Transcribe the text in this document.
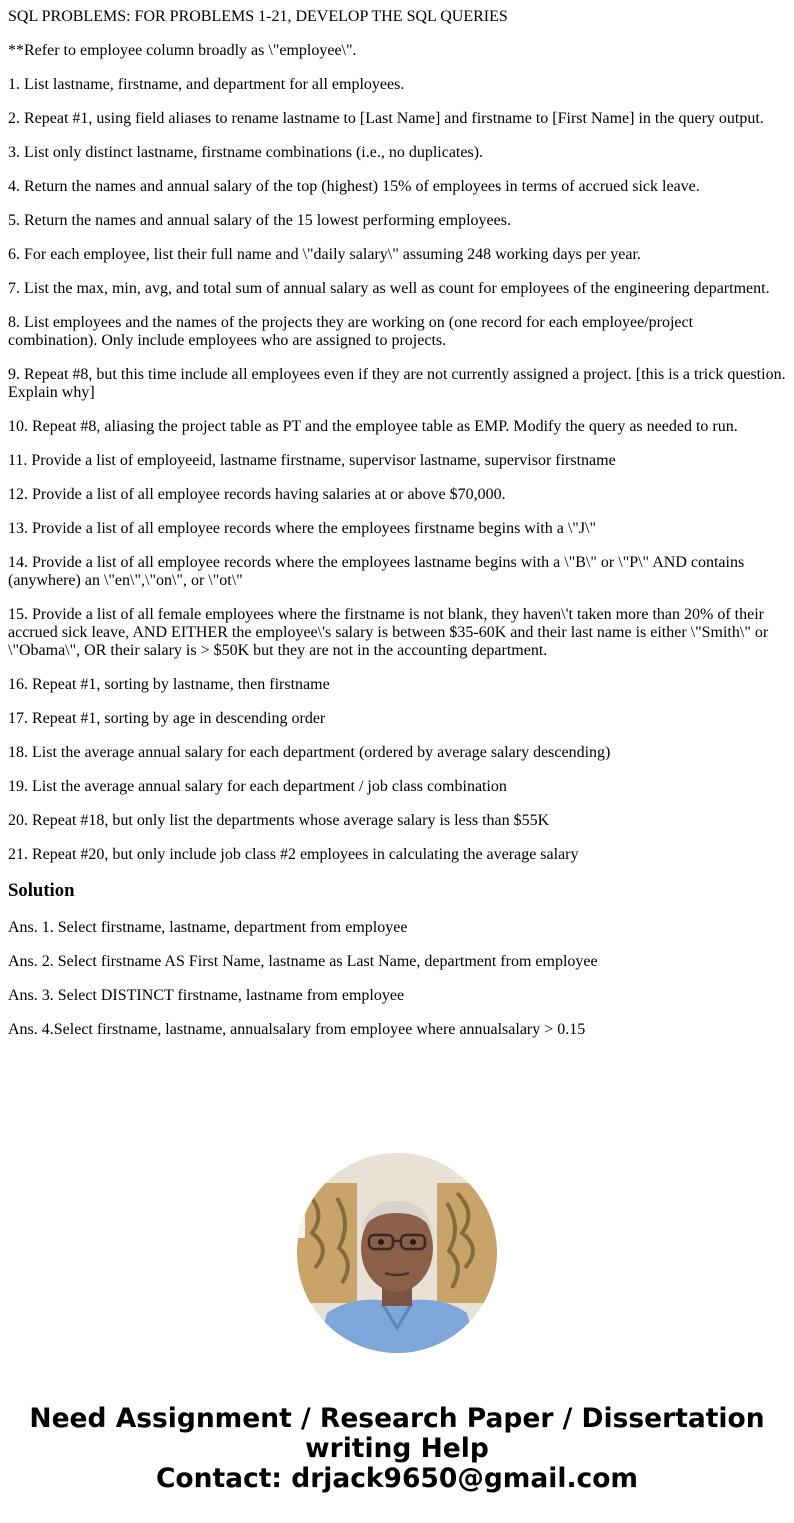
SQL PROBLEMS: FOR PROBLEMS 1-21, DEVELOP THE SQL QUERIES

**Refer to employee column broadly as \"employee\".

1. List lastname, firstname, and department for all employees.

2. Repeat #1, using field aliases to rename lastname to [Last Name] and firstname to [First Name] in the query output.

3. List only distinct lastname, firstname combinations (i.e., no duplicates).

4. Return the names and annual salary of the top (highest) 15% of employees in terms of accrued sick leave.

5. Return the names and annual salary of the 15 lowest performing employees.

6. For each employee, list their full name and \"daily salary\" assuming 248 working days per year.

7. List the max, min, avg, and total sum of annual salary as well as count for employees of the engineering department.

8. List employees and the names of the projects they are working on (one record for each employee/project combination). Only include employees who are assigned to projects.

9. Repeat #8, but this time include all employees even if they are not currently assigned a project. [this is a trick question. Explain why]

10. Repeat #8, aliasing the project table as PT and the employee table as EMP. Modify the query as needed to run.

11. Provide a list of employeeid, lastname firstname, supervisor lastname, supervisor firstname

12. Provide a list of all employee records having salaries at or above $70,000.

13. Provide a list of all employee records where the employees firstname begins with a \"J\"

14. Provide a list of all employee records where the employees lastname begins with a \"B\" or \"P\" AND contains (anywhere) an \"en\",\"on\", or \"ot\"

15. Provide a list of all female employees where the firstname is not blank, they haven\'t taken more than 20% of their accrued sick leave, AND EITHER the employee\'s salary is between $35-60K and their last name is either \"Smith\" or \"Obama\", OR their salary is > $50K but they are not in the accounting department.

16. Repeat #1, sorting by lastname, then firstname

17. Repeat #1, sorting by age in descending order

18. List the average annual salary for each department (ordered by average salary descending)

19. List the average annual salary for each department / job class combination

20. Repeat #18, but only list the departments whose average salary is less than $55K

21. Repeat #20, but only include job class #2 employees in calculating the average salary

Solution

Ans. 1. Select firstname, lastname, department from employee

Ans. 2. Select firstname AS First Name, lastname as Last Name, department from employee

Ans. 3. Select DISTINCT firstname, lastname from employee

Ans. 4.Select firstname, lastname, annualsalary from employee where annualsalary > 0.15

Need Assignment / Research Paper / Dissertation
writing Help
Contact: drjack9650@gmail.com
